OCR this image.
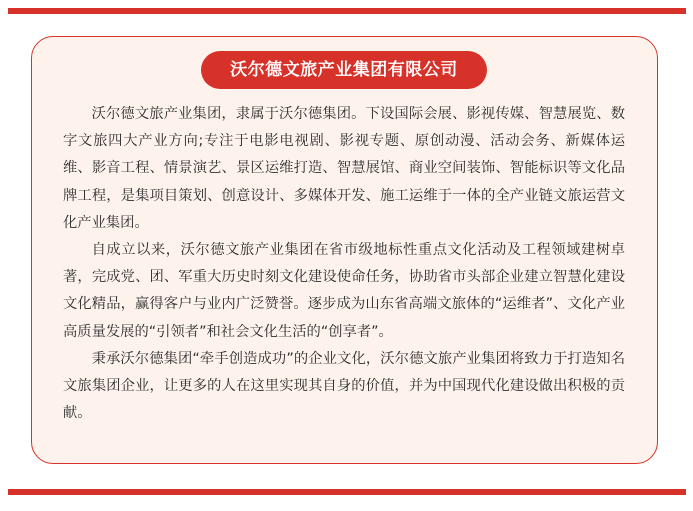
沃尔德文旅产业集团有限公司

沃尔德文旅产业集团，隶属于沃尔德集团。下设国际会展、影视传媒、智慧展览、数字文旅四大产业方向;专注于电影电视剧、影视专题、原创动漫、活动会务、新媒体运维、影音工程、情景演艺、景区运维打造、智慧展馆、商业空间装饰、智能标识等文化品牌工程，是集项目策划、创意设计、多媒体开发、施工运维于一体的全产业链文旅运营文化产业集团。

自成立以来，沃尔德文旅产业集团在省市级地标性重点文化活动及工程领域建树卓著，完成党、团、军重大历史时刻文化建设使命任务，协助省市头部企业建立智慧化建设文化精品，赢得客户与业内广泛赞誉。逐步成为山东省高端文旅体的“运维者”、文化产业高质量发展的“引领者”和社会文化生活的“创享者”。

秉承沃尔德集团“牵手创造成功”的企业文化，沃尔德文旅产业集团将致力于打造知名文旅集团企业，让更多的人在这里实现其自身的价值，并为中国现代化建设做出积极的贡献。
